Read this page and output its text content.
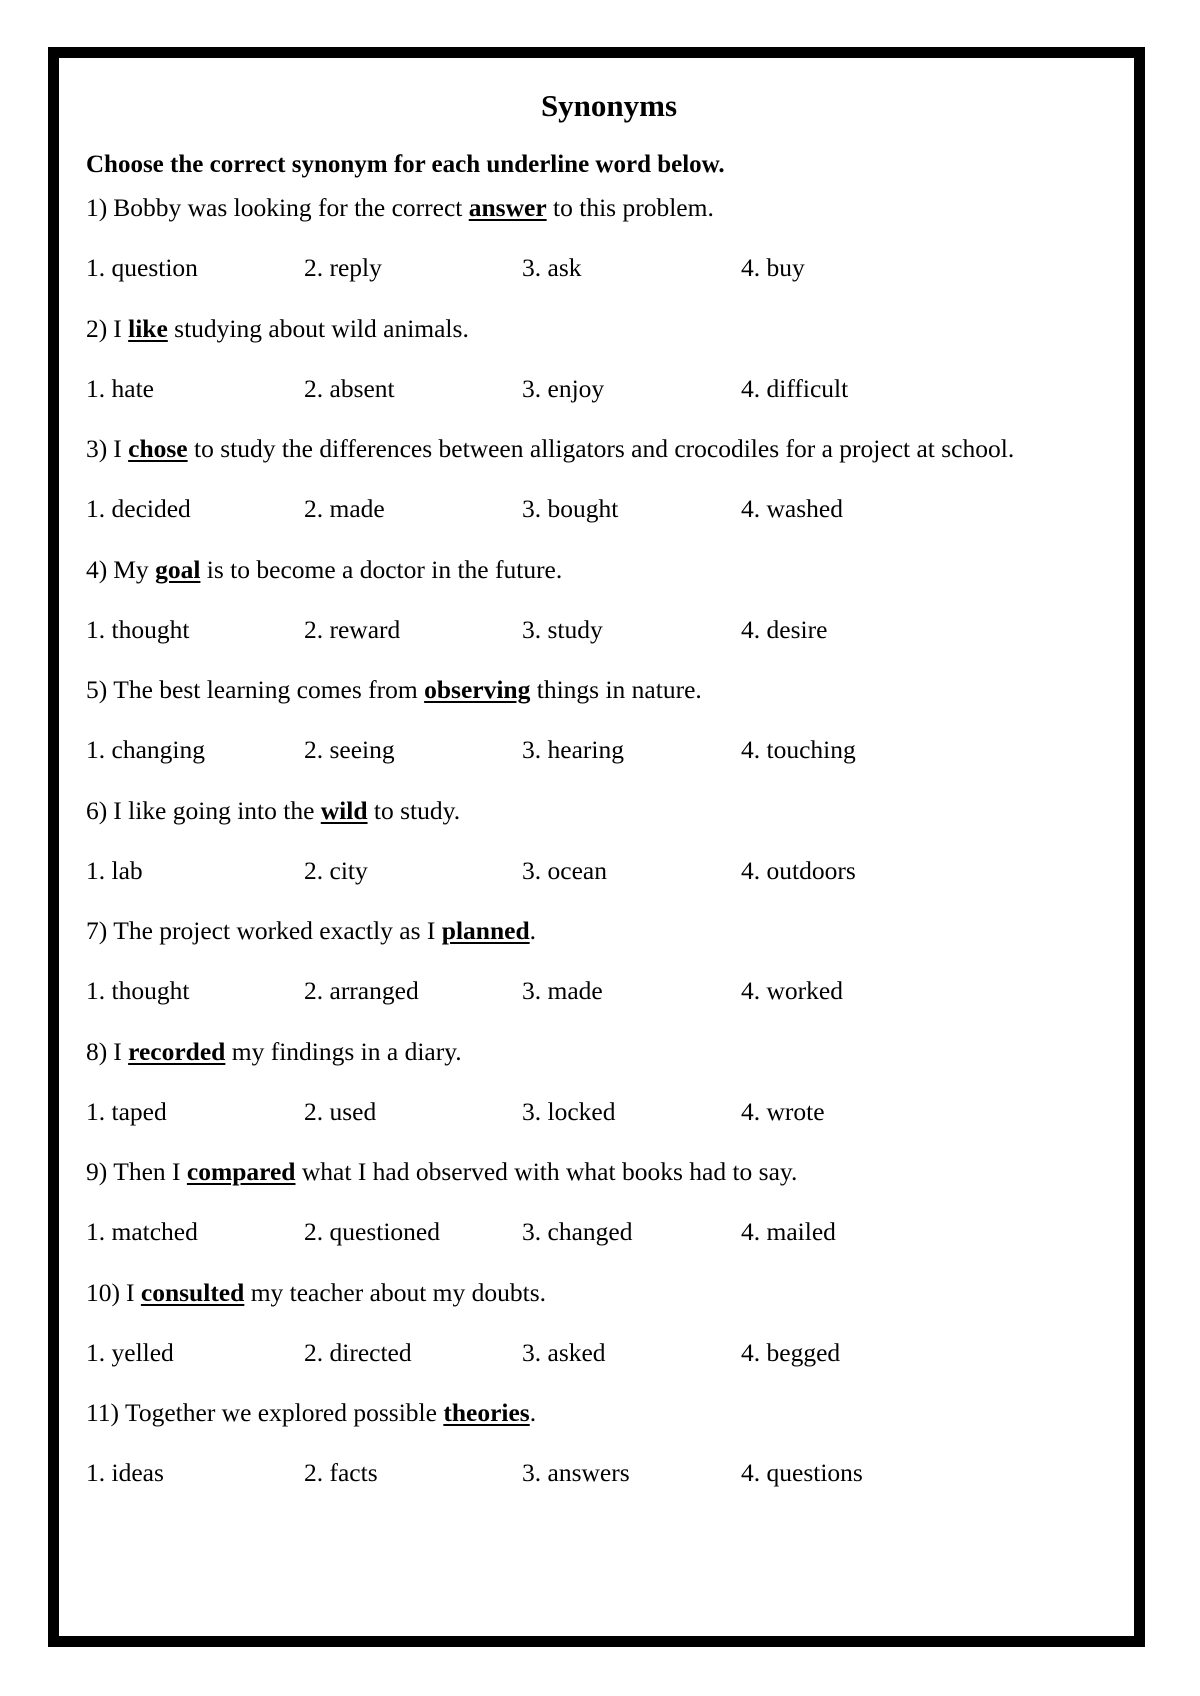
Synonyms
Choose the correct synonym for each underline word below.
1) Bobby was looking for the correct answer to this problem.
1. question	2. reply	3. ask	4. buy
2) I like studying about wild animals.
1. hate	2. absent	3. enjoy	4. difficult
3) I chose to study the differences between alligators and crocodiles for a project at school.
1. decided	2. made	3. bought	4. washed
4) My goal is to become a doctor in the future.
1. thought	2. reward	3. study	4. desire
5) The best learning comes from observing things in nature.
1. changing	2. seeing	3. hearing	4. touching
6) I like going into the wild to study.
1. lab	2. city	3. ocean	4. outdoors
7) The project worked exactly as I planned.
1. thought	2. arranged	3. made	4. worked
8) I recorded my findings in a diary.
1. taped	2. used	3. locked	4. wrote
9) Then I compared what I had observed with what books had to say.
1. matched	2. questioned	3. changed	4. mailed
10) I consulted my teacher about my doubts.
1. yelled	2. directed	3. asked	4. begged
11) Together we explored possible theories.
1. ideas	2. facts	3. answers	4. questions
